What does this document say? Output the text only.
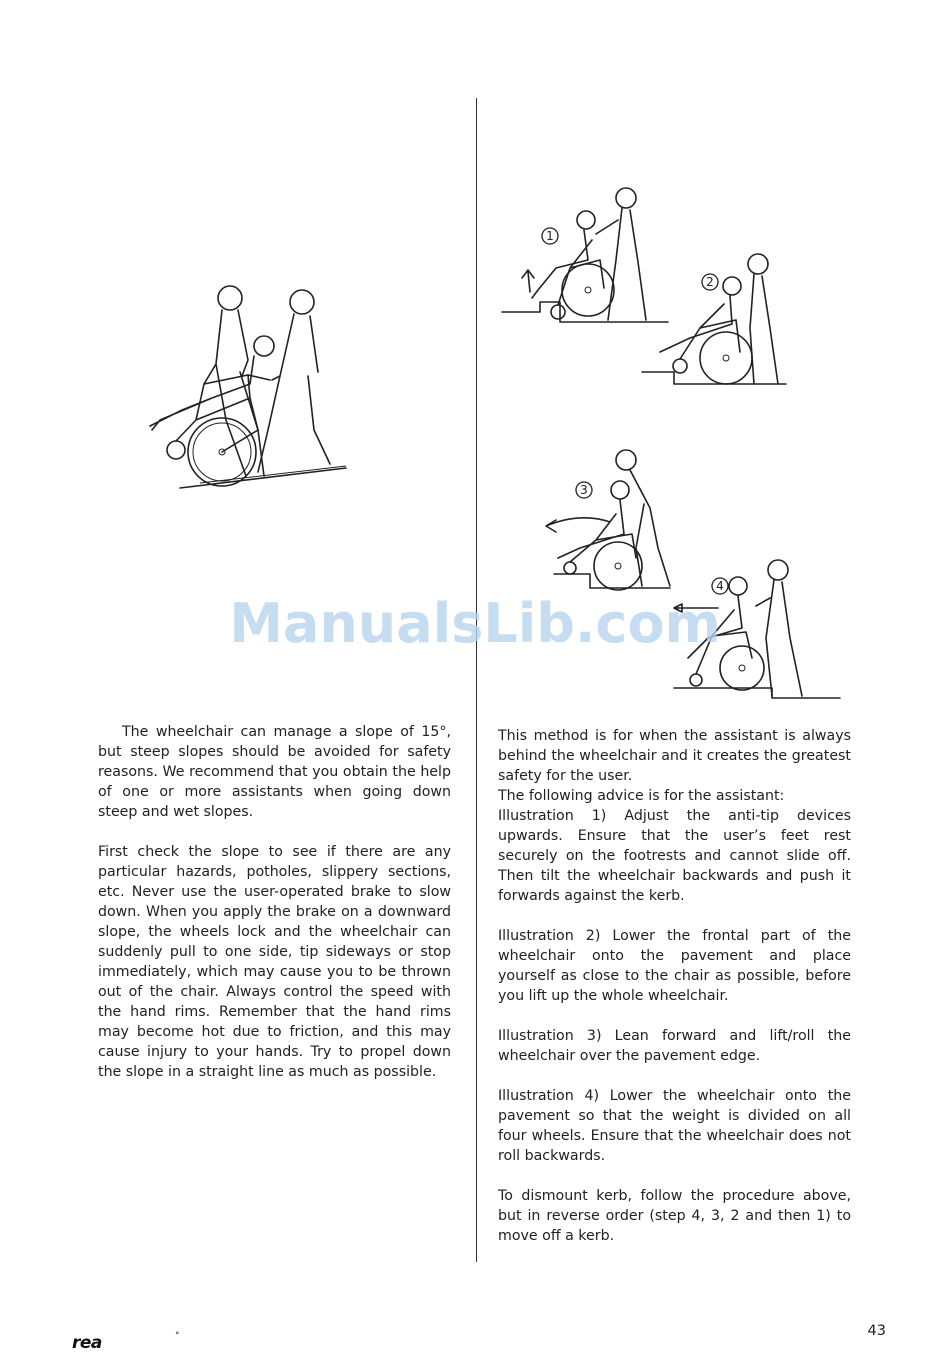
1
2
3
4
ManualsLib.com

The wheelchair can manage a slope of 15°, but steep slopes should be avoided for safety reasons. We recommend that you obtain the help of one or more assistants when going down steep and wet slopes.

First check the slope to see if there are any particular hazards, potholes, slippery sections, etc. Never use the user-operated brake to slow down. When you apply the brake on a downward slope, the wheels lock and the wheelchair can suddenly pull to one side, tip sideways or stop immediately, which may cause you to be thrown out of the chair. Always control the speed with the hand rims. Remember that the hand rims may become hot due to friction, and this may cause injury to your hands. Try to propel down the slope in a straight line as much as possible.

This method is for when the assistant is always behind the wheelchair and it creates the greatest safety for the user.
The following advice is for the assistant:
Illustration 1) Adjust the anti-tip devices upwards. Ensure that the user’s feet rest securely on the footrests and cannot slide off. Then tilt the wheelchair backwards and push it forwards against the kerb.

Illustration 2) Lower the frontal part of the wheelchair onto the pavement and place yourself as close to the chair as possible, before you lift up the whole wheelchair.

Illustration 3) Lean forward and lift/roll the wheelchair over the pavement edge.

Illustration 4) Lower the wheelchair onto the pavement so that the weight is divided on all four wheels. Ensure that the wheelchair does not roll backwards.

To dismount kerb, follow the procedure above, but in reverse order (step 4, 3, 2 and then 1) to move off a kerb.

rea	°	43
